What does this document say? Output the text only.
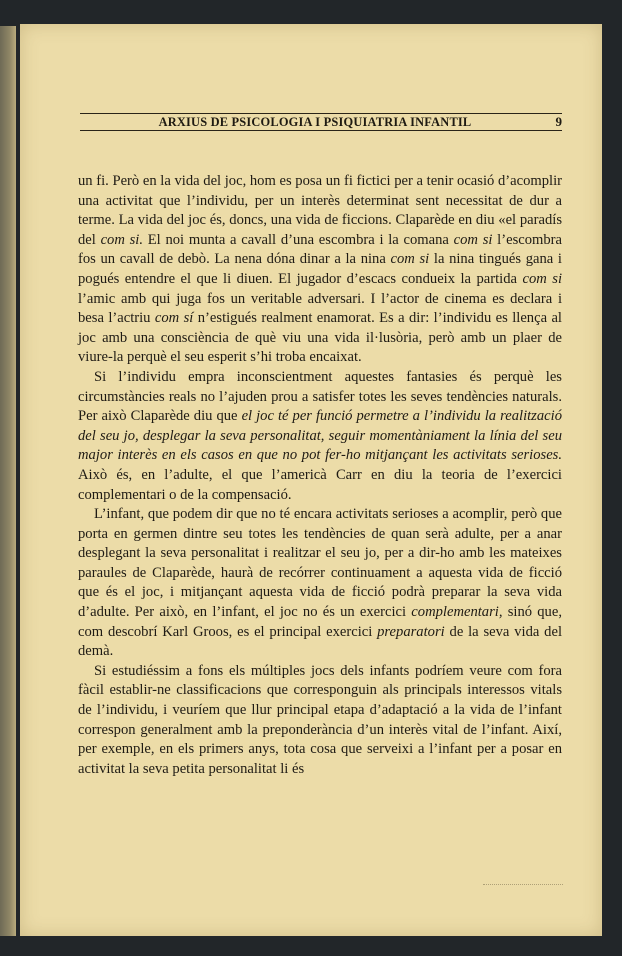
ARXIUS DE PSICOLOGIA I PSIQUIATRIA INFANTIL	9

un fi. Però en la vida del joc, hom es posa un fi fictici per a tenir ocasió d’acomplir una activitat que l’individu, per un interès determinat sent necessitat de dur a terme. La vida del joc és, doncs, una vida de ficcions. Claparède en diu «el paradís del com si. El noi munta a cavall d’una escombra i la comana com si l’escombra fos un cavall de debò. La nena dóna dinar a la nina com si la nina tingués gana i pogués entendre el que li diuen. El jugador d’escacs condueix la partida com si l’amic amb qui juga fos un veritable adversari. I l’actor de cinema es declara i besa l’actriu com sí n’estigués realment enamorat. Es a dir: l’individu es llença al joc amb una consciència de què viu una vida il·lusòria, però amb un plaer de viure-la perquè el seu esperit s’hi troba encaixat.

Si l’individu empra inconscientment aquestes fantasies és perquè les circumstàncies reals no l’ajuden prou a satisfer totes les seves tendències naturals. Per això Claparède diu que el joc té per funció permetre a l’individu la realització del seu jo, desplegar la seva personalitat, seguir momentàniament la línia del seu major interès en els casos en que no pot fer-ho mitjançant les activitats serioses. Això és, en l’adulte, el que l’americà Carr en diu la teoria de l’exercici complementari o de la compensació.

L’infant, que podem dir que no té encara activitats serioses a acomplir, però que porta en germen dintre seu totes les tendències de quan serà adulte, per a anar desplegant la seva personalitat i realitzar el seu jo, per a dir-ho amb les mateixes paraules de Claparède, haurà de recórrer continuament a aquesta vida de ficció que és el joc, i mitjançant aquesta vida de ficció podrà preparar la seva vida d’adulte. Per això, en l’infant, el joc no és un exercici complementari, sinó que, com descobrí Karl Groos, es el principal exercici preparatori de la seva vida del demà.

Si estudiéssim a fons els múltiples jocs dels infants podríem veure com fora fàcil establir-ne classificacions que corresponguin als principals interessos vitals de l’individu, i veuríem que llur principal etapa d’adaptació a la vida de l’infant correspon generalment amb la preponderància d’un interès vital de l’infant. Així, per exemple, en els primers anys, tota cosa que serveixi a l’infant per a posar en activitat la seva petita personalitat li és
